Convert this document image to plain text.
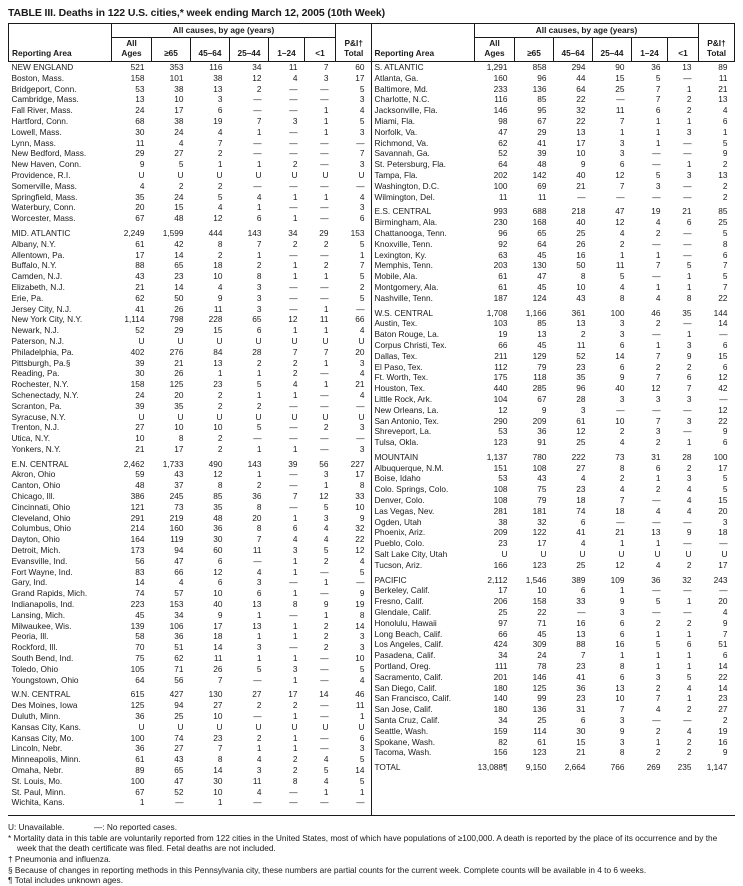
TABLE III. Deaths in 122 U.S. cities,* week ending March 12, 2005 (10th Week)
Reporting Area	All causes, by age (years)						P&I†
Total

	All Ages	≥65	45–64	25–44	1–24	<1	
NEW ENGLAND	521	353	116	34	11	7	60
Boston, Mass.	158	101	38	12	4	3	17
Bridgeport, Conn.	53	38	13	2	—	—	5
Cambridge, Mass.	13	10	3	—	—	—	3
Fall River, Mass.	24	17	6	—	—	1	4
Hartford, Conn.	68	38	19	7	3	1	5
Lowell, Mass.	30	24	4	1	—	1	3
Lynn, Mass.	11	4	7	—	—	—	—
New Bedford, Mass.	29	27	2	—	—	—	7
New Haven, Conn.	9	5	1	1	2	—	3
Providence, R.I.	U	U	U	U	U	U	U
Somerville, Mass.	4	2	2	—	—	—	—
Springfield, Mass.	35	24	5	4	1	1	4
Waterbury, Conn.	20	15	4	1	—	—	3
Worcester, Mass.	67	48	12	6	1	—	6

MID. ATLANTIC	2,249	1,599	444	143	34	29	153
Albany, N.Y.	61	42	8	7	2	2	5
Allentown, Pa.	17	14	2	1	—	—	1
Buffalo, N.Y.	88	65	18	2	1	2	7
Camden, N.J.	43	23	10	8	1	1	5
Elizabeth, N.J.	21	14	4	3	—	—	2
Erie, Pa.	62	50	9	3	—	—	5
Jersey City, N.J.	41	26	11	3	—	1	—
New York City, N.Y.	1,114	798	228	65	12	11	66
Newark, N.J.	52	29	15	6	1	1	4
Paterson, N.J.	U	U	U	U	U	U	U
Philadelphia, Pa.	402	276	84	28	7	7	20
Pittsburgh, Pa.§	39	21	13	2	2	1	3
Reading, Pa.	30	26	1	1	2	—	4
Rochester, N.Y.	158	125	23	5	4	1	21
Schenectady, N.Y.	24	20	2	1	1	—	4
Scranton, Pa.	39	35	2	2	—	—	—
Syracuse, N.Y.	U	U	U	U	U	U	U
Trenton, N.J.	27	10	10	5	—	2	3
Utica, N.Y.	10	8	2	—	—	—	—
Yonkers, N.Y.	21	17	2	1	1	—	3

E.N. CENTRAL	2,462	1,733	490	143	39	56	227
Akron, Ohio	59	43	12	1	—	3	17
Canton, Ohio	48	37	8	2	—	1	8
Chicago, Ill.	386	245	85	36	7	12	33
Cincinnati, Ohio	121	73	35	8	—	5	10
Cleveland, Ohio	291	219	48	20	1	3	9
Columbus, Ohio	214	160	36	8	6	4	32
Dayton, Ohio	164	119	30	7	4	4	22
Detroit, Mich.	173	94	60	11	3	5	12
Evansville, Ind.	56	47	6	—	1	2	4
Fort Wayne, Ind.	83	66	12	4	1	—	5
Gary, Ind.	14	4	6	3	—	1	—
Grand Rapids, Mich.	74	57	10	6	1	—	9
Indianapolis, Ind.	223	153	40	13	8	9	19
Lansing, Mich.	45	34	9	1	—	1	8
Milwaukee, Wis.	139	106	17	13	1	2	14
Peoria, Ill.	58	36	18	1	1	2	3
Rockford, Ill.	70	51	14	3	—	2	3
South Bend, Ind.	75	62	11	1	1	—	10
Toledo, Ohio	105	71	26	5	3	—	5
Youngstown, Ohio	64	56	7	—	1	—	4

W.N. CENTRAL	615	427	130	27	17	14	46
Des Moines, Iowa	125	94	27	2	2	—	11
Duluth, Minn.	36	25	10	—	1	—	1
Kansas City, Kans.	U	U	U	U	U	U	U
Kansas City, Mo.	100	74	23	2	1	—	6
Lincoln, Nebr.	36	27	7	1	1	—	3
Minneapolis, Minn.	61	43	8	4	2	4	5
Omaha, Nebr.	89	65	14	3	2	5	14
St. Louis, Mo.	100	47	30	11	8	4	5
St. Paul, Minn.	67	52	10	4	—	1	1
Wichita, Kans.	1	—	1	—	—	—	—
Reporting Area	All causes, by age (years)						P&I†
Total

	All Ages	≥65	45–64	25–44	1–24	<1	
S. ATLANTIC	1,291	858	294	90	36	13	89
Atlanta, Ga.	160	96	44	15	5	—	11
Baltimore, Md.	233	136	64	25	7	1	21
Charlotte, N.C.	116	85	22	—	7	2	13
Jacksonville, Fla.	146	95	32	11	6	2	4
Miami, Fla.	98	67	22	7	1	1	6
Norfolk, Va.	47	29	13	1	1	3	1
Richmond, Va.	62	41	17	3	1	—	5
Savannah, Ga.	52	39	10	3	—	—	9
St. Petersburg, Fla.	64	48	9	6	—	1	2
Tampa, Fla.	202	142	40	12	5	3	13
Washington, D.C.	100	69	21	7	3	—	2
Wilmington, Del.	11	11	—	—	—	—	2

E.S. CENTRAL	993	688	218	47	19	21	85
Birmingham, Ala.	230	168	40	12	4	6	25
Chattanooga, Tenn.	96	65	25	4	2	—	5
Knoxville, Tenn.	92	64	26	2	—	—	8
Lexington, Ky.	63	45	16	1	1	—	6
Memphis, Tenn.	203	130	50	11	7	5	7
Mobile, Ala.	61	47	8	5	—	1	5
Montgomery, Ala.	61	45	10	4	1	1	7
Nashville, Tenn.	187	124	43	8	4	8	22

W.S. CENTRAL	1,708	1,166	361	100	46	35	144
Austin, Tex.	103	85	13	3	2	—	14
Baton Rouge, La.	19	13	2	3	—	1	—
Corpus Christi, Tex.	66	45	11	6	1	3	6
Dallas, Tex.	211	129	52	14	7	9	15
El Paso, Tex.	112	79	23	6	2	2	6
Ft. Worth, Tex.	175	118	35	9	7	6	12
Houston, Tex.	440	285	96	40	12	7	42
Little Rock, Ark.	104	67	28	3	3	3	—
New Orleans, La.	12	9	3	—	—	—	12
San Antonio, Tex.	290	209	61	10	7	3	22
Shreveport, La.	53	36	12	2	3	—	9
Tulsa, Okla.	123	91	25	4	2	1	6

MOUNTAIN	1,137	780	222	73	31	28	100
Albuquerque, N.M.	151	108	27	8	6	2	17
Boise, Idaho	53	43	4	2	1	3	5
Colo. Springs, Colo.	108	75	23	4	2	4	5
Denver, Colo.	108	79	18	7	—	4	15
Las Vegas, Nev.	281	181	74	18	4	4	20
Ogden, Utah	38	32	6	—	—	—	3
Phoenix, Ariz.	209	122	41	21	13	9	18
Pueblo, Colo.	23	17	4	1	1	—	—
Salt Lake City, Utah	U	U	U	U	U	U	U
Tucson, Ariz.	166	123	25	12	4	2	17

PACIFIC	2,112	1,546	389	109	36	32	243
Berkeley, Calif.	17	10	6	1	—	—	—
Fresno, Calif.	206	158	33	9	5	1	20
Glendale, Calif.	25	22	—	3	—	—	4
Honolulu, Hawaii	97	71	16	6	2	2	9
Long Beach, Calif.	66	45	13	6	1	1	7
Los Angeles, Calif.	424	309	88	16	5	6	51
Pasadena, Calif.	34	24	7	1	1	1	6
Portland, Oreg.	111	78	23	8	1	1	14
Sacramento, Calif.	201	146	41	6	3	5	22
San Diego, Calif.	180	125	36	13	2	4	14
San Francisco, Calif.	140	99	23	10	7	1	23
San Jose, Calif.	180	136	31	7	4	2	27
Santa Cruz, Calif.	34	25	6	3	—	—	2
Seattle, Wash.	159	114	30	9	2	4	19
Spokane, Wash.	82	61	15	3	1	2	16
Tacoma, Wash.	156	123	21	8	2	2	9

TOTAL	13,088¶	9,150	2,664	766	269	235	1,147
U: Unavailable.	—: No reported cases.
* Mortality data in this table are voluntarily reported from 122 cities in the United States, most of which have populations of ≥100,000. A death is reported by the place of its occurrence and by the week that the death certificate was filed. Fetal deaths are not included.
† Pneumonia and influenza.
§ Because of changes in reporting methods in this Pennsylvania city, these numbers are partial counts for the current week. Complete counts will be available in 4 to 6 weeks.
¶ Total includes unknown ages.
